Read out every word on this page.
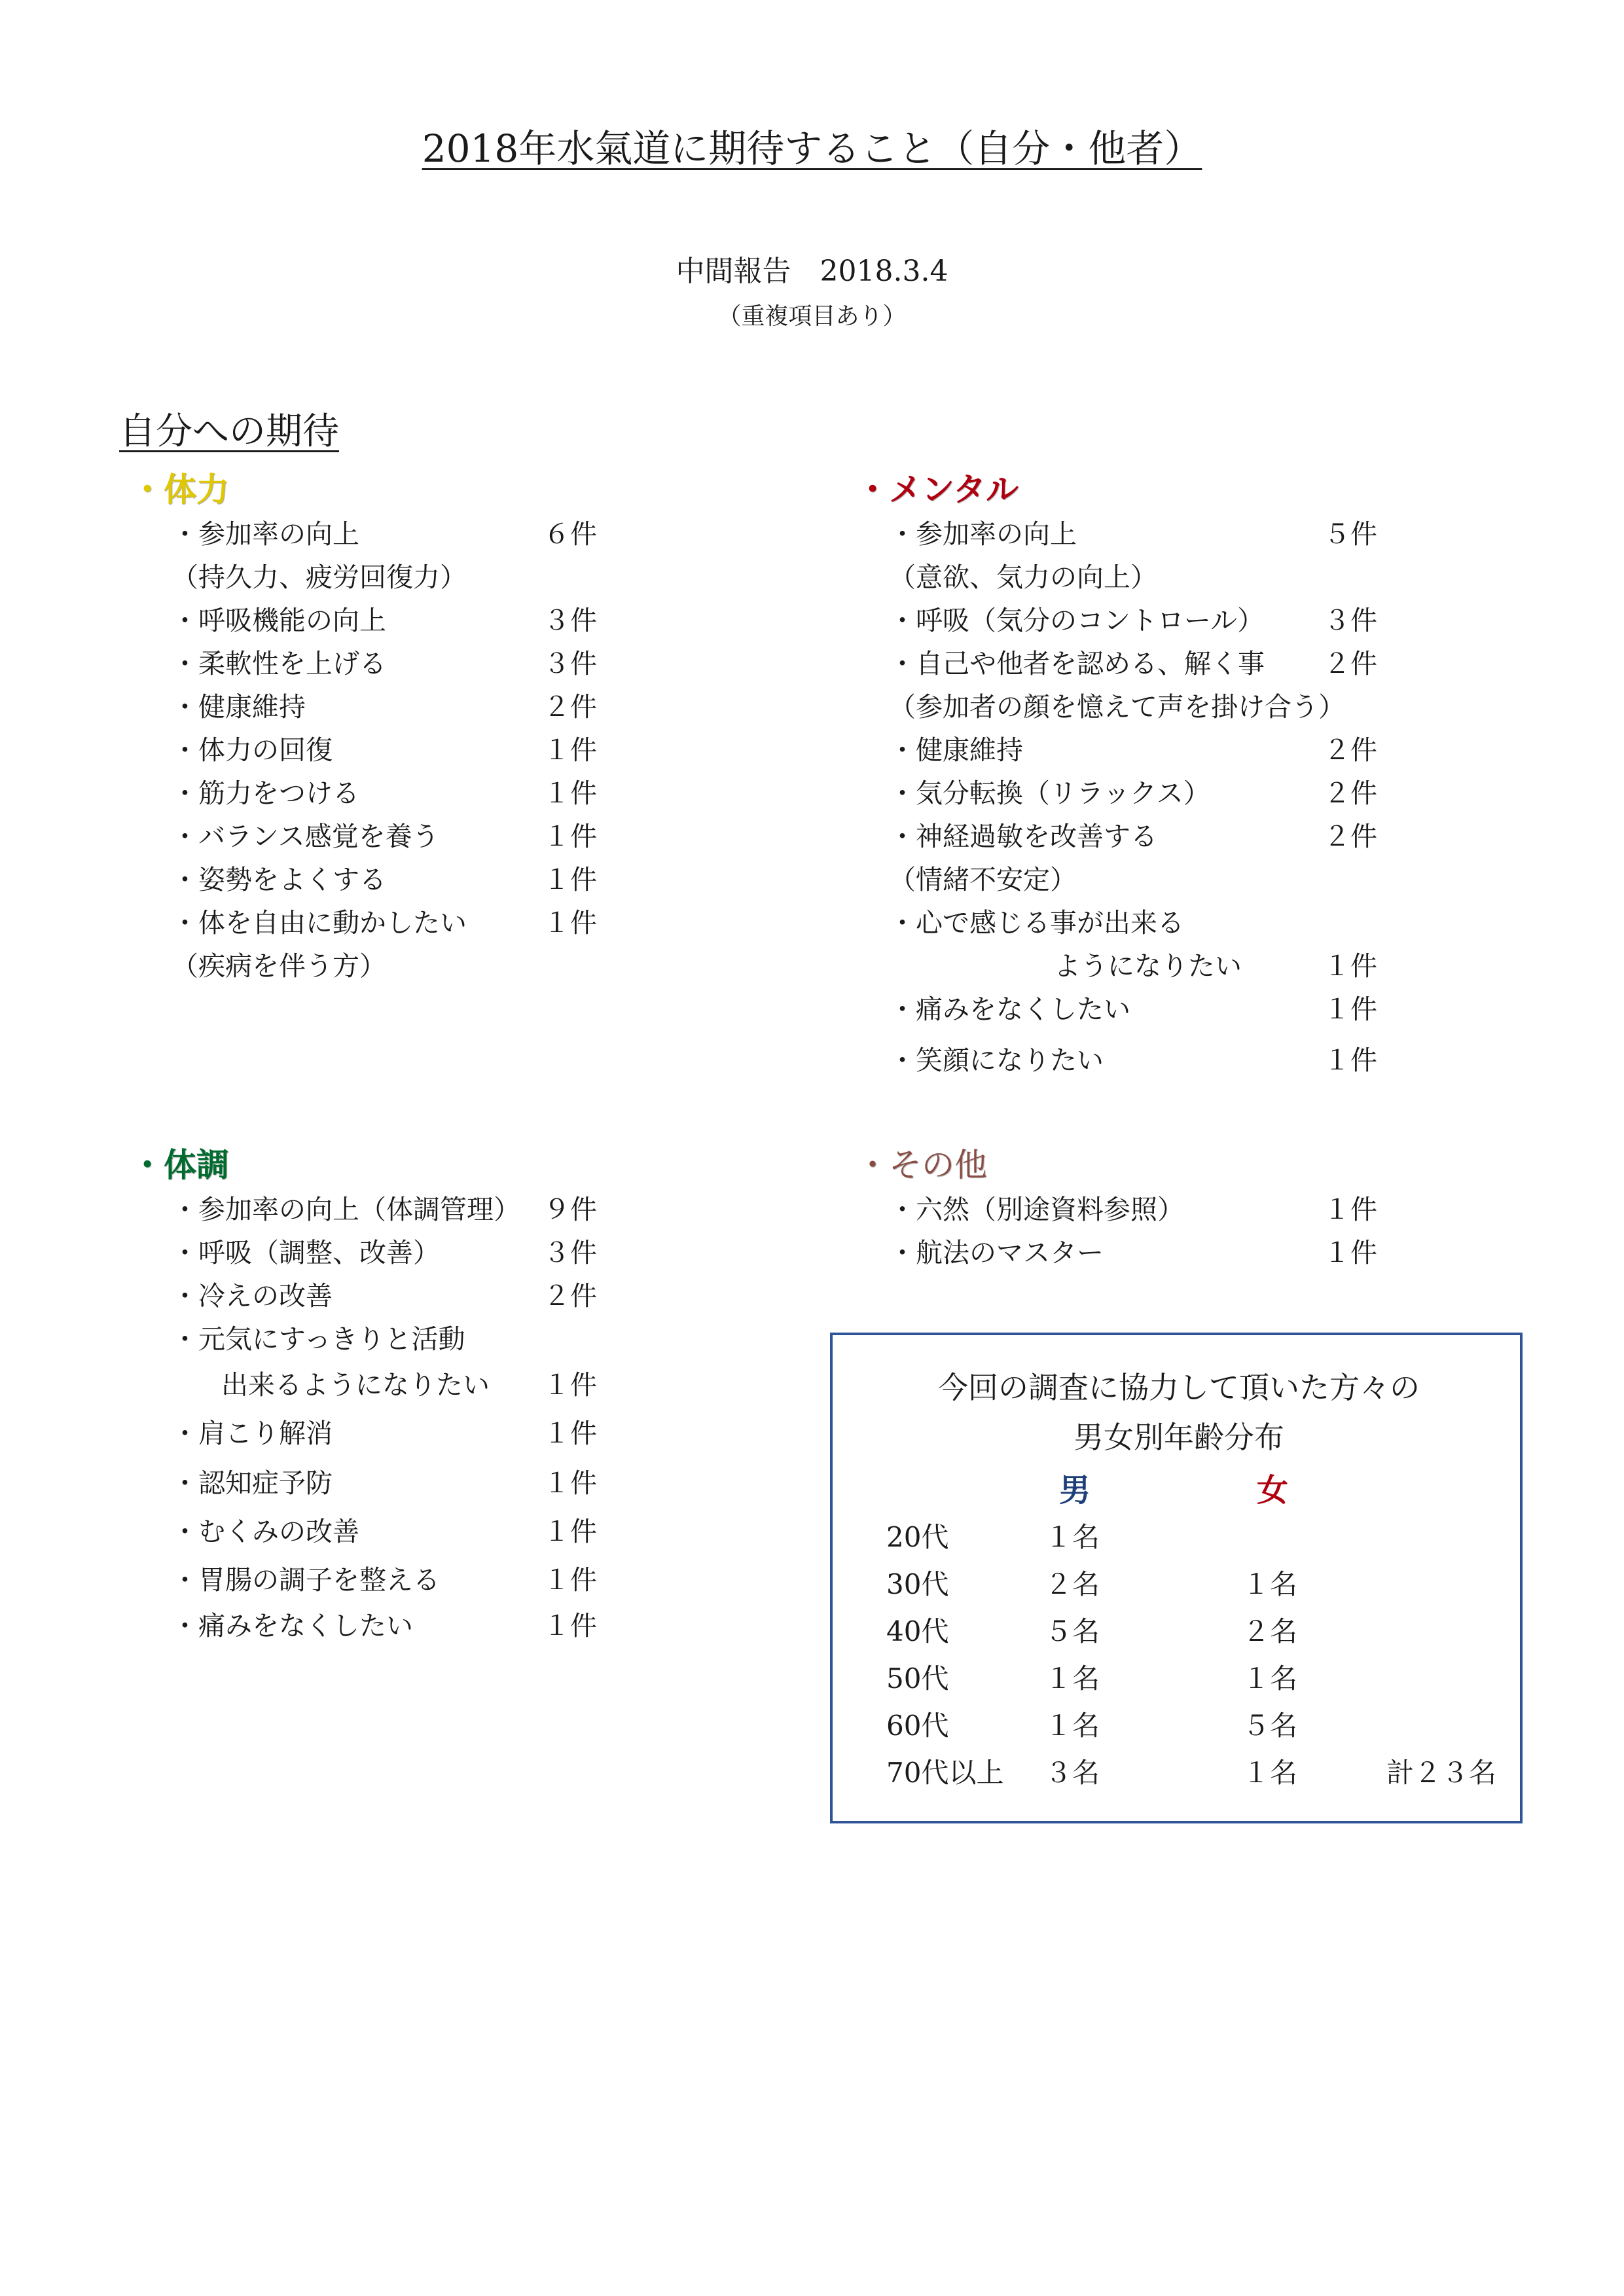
2018年水氣道に期待すること（自分・他者）
中間報告　2018.3.4
（重複項目あり）
自分への期待
・体力
・参加率の向上	６件
（持久力、疲労回復力）
・呼吸機能の向上	３件
・柔軟性を上げる	３件
・健康維持	２件
・体力の回復	１件
・筋力をつける	１件
・バランス感覚を養う	１件
・姿勢をよくする	１件
・体を自由に動かしたい	１件
（疾病を伴う方）
・メンタル
・参加率の向上	５件
（意欲、気力の向上）
・呼吸（気分のコントロール） ３件
・自己や他者を認める、解く事 ２件
（参加者の顔を憶えて声を掛け合う）
・健康維持	２件
・気分転換（リラックス）	２件
・神経過敏を改善する	２件
（情緒不安定）
・心で感じる事が出来る
ようになりたい	１件
・痛みをなくしたい	１件
・笑顔になりたい	１件
・体調
・参加率の向上（体調管理） ９件
・呼吸（調整、改善）	３件
・冷えの改善	２件
・元気にすっきりと活動
出来るようになりたい １件
・肩こり解消	１件
・認知症予防	１件
・むくみの改善	１件
・胃腸の調子を整える	１件
・痛みをなくしたい	１件
・その他
・六然（別途資料参照）	１件
・航法のマスター	１件
今回の調査に協力して頂いた方々の
男女別年齢分布
男	女
20代	１名
30代	２名	１名
40代	５名	２名
50代	１名	１名
60代	１名	５名
70代以上 ３名	１名	計２３名
